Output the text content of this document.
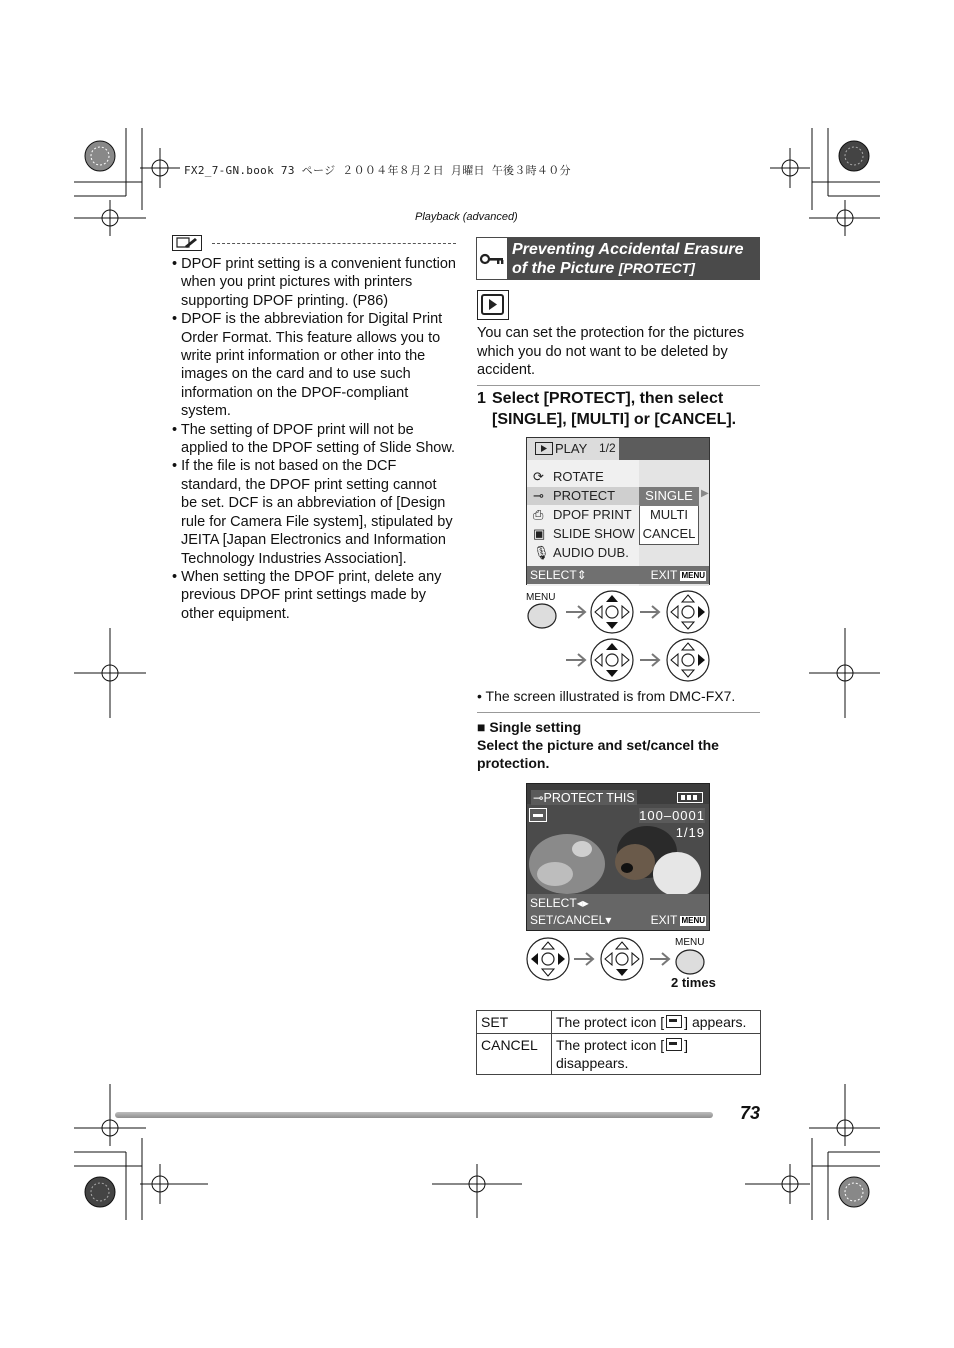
FX2_7-GN.book 73 ページ ２００４年８月２日 月曜日 午後３時４０分
Playback (advanced)
• DPOF print setting is a convenient function when you print pictures with printers supporting DPOF printing. (P86)
• DPOF is the abbreviation for Digital Print Order Format. This feature allows you to write print information or other into the images on the card and to use such information on the DPOF-compliant system.
• The setting of DPOF print will not be applied to the DPOF setting of Slide Show.
• If the file is not based on the DCF standard, the DPOF print setting cannot be set. DCF is an abbreviation of [Design rule for Camera File system], stipulated by JEITA [Japan Electronics and Information Technology Industries Association].
• When setting the DPOF print, delete any previous DPOF print settings made by other equipment.
Preventing Accidental Erasure
of the Picture [PROTECT]
You can set the protection for the pictures which you do not want to be deleted by accident.
1 Select [PROTECT], then select
[SINGLE], [MULTI] or [CANCEL].
PLAY 1/2
⟳ ROTATE
⊸ PROTECT
⎙ DPOF PRINT
▣ SLIDE SHOW
🎙 AUDIO DUB.
SINGLE
MULTI
CANCEL
▶
SELECT⇕	EXIT MENU
MENU
• The screen illustrated is from DMC-FX7.
■ Single setting
Select the picture and set/cancel the protection.
⊸PROTECT THIS
100–0001
1/19
SELECT◂▸
SET/CANCEL▾	EXIT MENU
MENU
2 times
SET	The protect icon [ ] appears.
CANCEL	The protect icon [ ] disappears.
73
